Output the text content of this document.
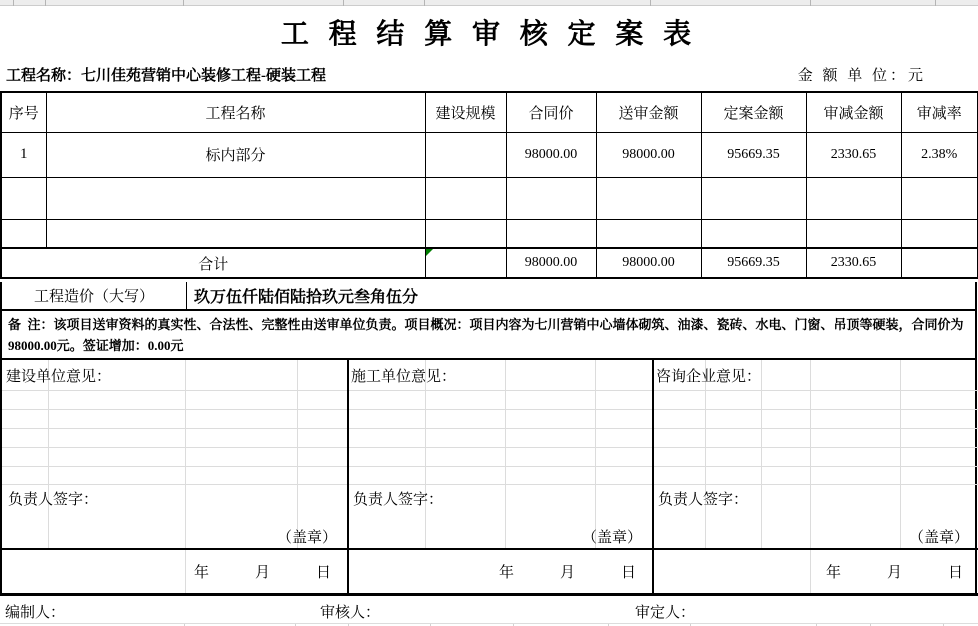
工 程 结 算 审 核 定 案 表
工程名称：七川佳苑营销中心装修工程-硬装工程	金 额 单 位：元
序号	工程名称	建设规模	合同价	送审金额	定案金额	审减金额	审减率
1	标内部分		98000.00	98000.00	95669.35	2330.65	2.38%

合计			98000.00	98000.00	95669.35	2330.65	
工程造价（大写）	玖万伍仟陆佰陆拾玖元叁角伍分
备  注：该项目送审资料的真实性、合法性、完整性由送审单位负责。项目概况：项目内容为七川营销中心墙体砌筑、油漆、瓷砖、水电、门窗、吊顶等硬装，合同价为98000.00元。签证增加：0.00元
建设单位意见：
负责人签字：
（盖章）
年	月	日
施工单位意见：
负责人签字：
（盖章）
年	月	日
咨询企业意见：
负责人签字：
（盖章）
年	月	日
编制人：	审核人：	审定人：
